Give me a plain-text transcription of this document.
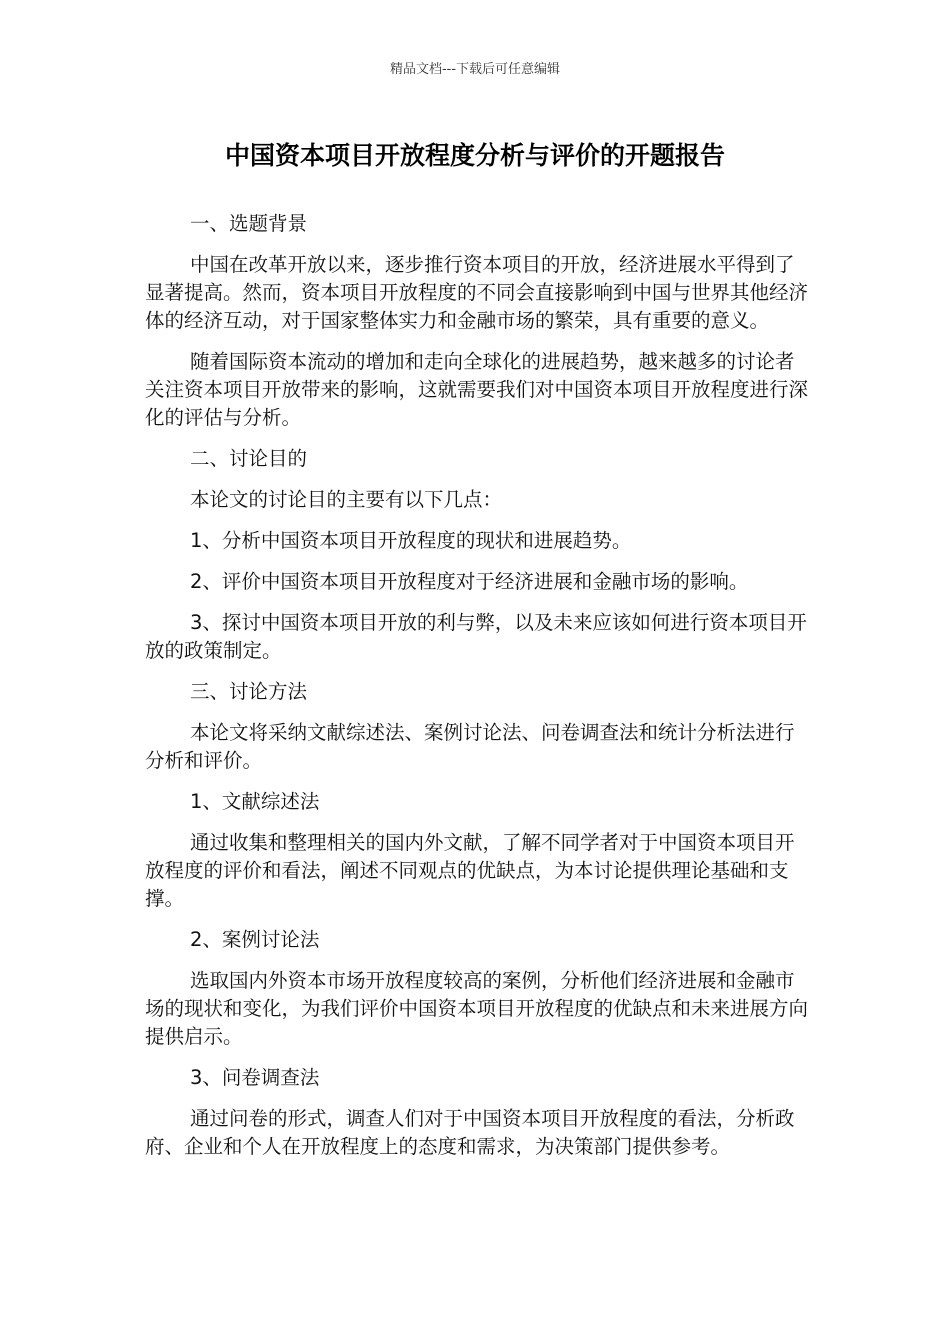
精品文档---下载后可任意编辑
中国资本项目开放程度分析与评价的开题报告
一、选题背景
中国在改革开放以来，逐步推行资本项目的开放，经济进展水平得到了显著提高。然而，资本项目开放程度的不同会直接影响到中国与世界其他经济体的经济互动，对于国家整体实力和金融市场的繁荣，具有重要的意义。
随着国际资本流动的增加和走向全球化的进展趋势，越来越多的讨论者关注资本项目开放带来的影响，这就需要我们对中国资本项目开放程度进行深化的评估与分析。
二、讨论目的
本论文的讨论目的主要有以下几点：
1、分析中国资本项目开放程度的现状和进展趋势。
2、评价中国资本项目开放程度对于经济进展和金融市场的影响。
3、探讨中国资本项目开放的利与弊，以及未来应该如何进行资本项目开放的政策制定。
三、讨论方法
本论文将采纳文献综述法、案例讨论法、问卷调查法和统计分析法进行分析和评价。
1、文献综述法
通过收集和整理相关的国内外文献，了解不同学者对于中国资本项目开放程度的评价和看法，阐述不同观点的优缺点，为本讨论提供理论基础和支撑。
2、案例讨论法
选取国内外资本市场开放程度较高的案例，分析他们经济进展和金融市场的现状和变化，为我们评价中国资本项目开放程度的优缺点和未来进展方向提供启示。
3、问卷调查法
通过问卷的形式，调查人们对于中国资本项目开放程度的看法，分析政府、企业和个人在开放程度上的态度和需求，为决策部门提供参考。
